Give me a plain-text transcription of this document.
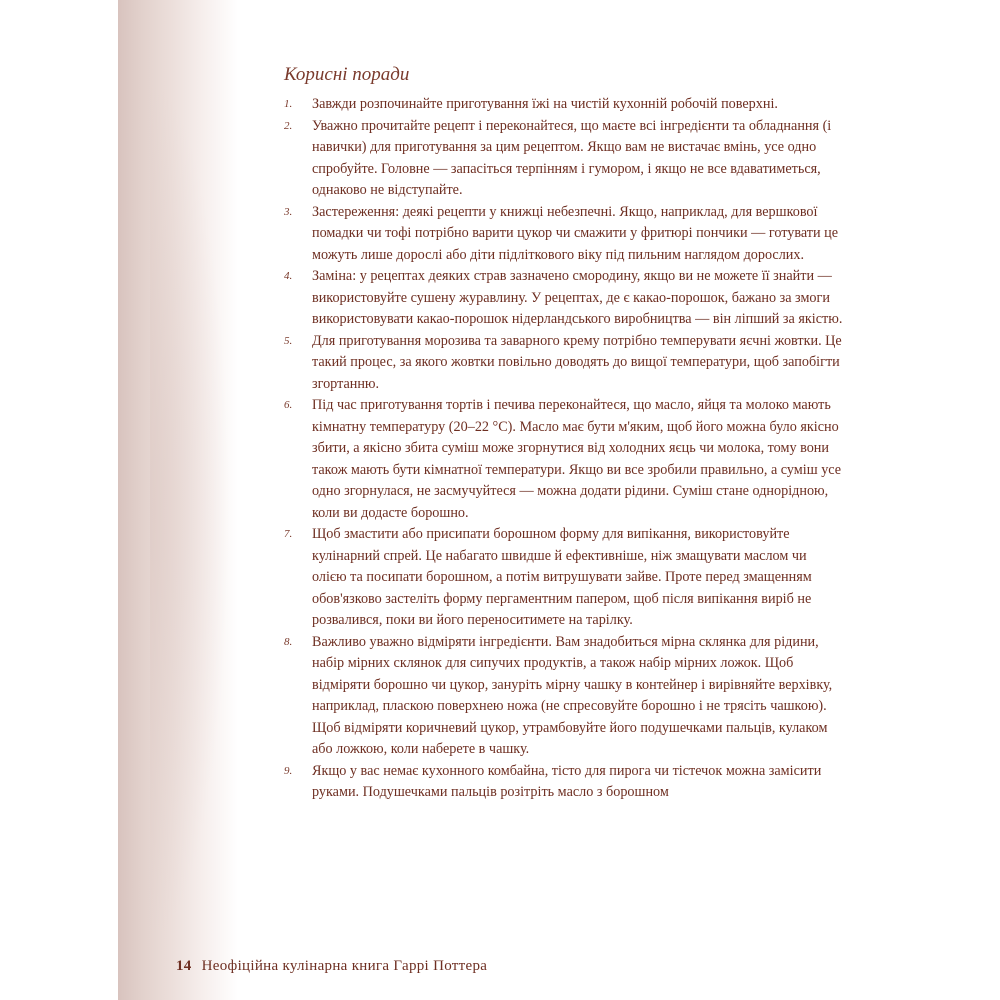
Корисні поради
1. Завжди розпочинайте приготування їжі на чистій кухонній робочій поверхні.
2. Уважно прочитайте рецепт і переконайтеся, що маєте всі інгредієнти та обладнання (і навички) для приготування за цим рецептом. Якщо вам не вистачає вмінь, усе одно спробуйте. Головне — запасіться терпінням і гумором, і якщо не все вдаватиметься, однаково не відступайте.
3. Застереження: деякі рецепти у книжці небезпечні. Якщо, наприклад, для вершкової помадки чи тофі потрібно варити цукор чи смажити у фритюрі пончики — готувати це можуть лише дорослі або діти підліткового віку під пильним наглядом дорослих.
4. Заміна: у рецептах деяких страв зазначено смородину, якщо ви не можете її знайти — використовуйте сушену журавлину. У рецептах, де є какао-порошок, бажано за змоги використовувати какао-порошок нідерландського виробництва — він ліпший за якістю.
5. Для приготування морозива та заварного крему потрібно темперувати яєчні жовтки. Це такий процес, за якого жовтки повільно доводять до вищої температури, щоб запобігти згортанню.
6. Під час приготування тортів і печива переконайтеся, що масло, яйця та молоко мають кімнатну температуру (20–22 °C). Масло має бути м'яким, щоб його можна було якісно збити, а якісно збита суміш може згорнутися від холодних яєць чи молока, тому вони також мають бути кімнатної температури. Якщо ви все зробили правильно, а суміш усе одно згорнулася, не засмучуйтеся — можна додати рідини. Суміш стане однорідною, коли ви додасте борошно.
7. Щоб змастити або присипати борошном форму для випікання, використовуйте кулінарний спрей. Це набагато швидше й ефективніше, ніж змащувати маслом чи олією та посипати борошном, а потім витрушувати зайве. Проте перед змащенням обов'язково застеліть форму пергаментним папером, щоб після випікання виріб не розвалився, поки ви його переноситимете на тарілку.
8. Важливо уважно відміряти інгредієнти. Вам знадобиться мірна склянка для рідини, набір мірних склянок для сипучих продуктів, а також набір мірних ложок. Щоб відміряти борошно чи цукор, зануріть мірну чашку в контейнер і вирівняйте верхівку, наприклад, пласкою поверхнею ножа (не спресовуйте борошно і не трясіть чашкою). Щоб відміряти коричневий цукор, утрамбовуйте його подушечками пальців, кулаком або ложкою, коли наберете в чашку.
9. Якщо у вас немає кухонного комбайна, тісто для пирога чи тістечок можна замісити руками. Подушечками пальців розітріть масло з борошном
14 Неофіційна кулінарна книга Гаррі Поттера
